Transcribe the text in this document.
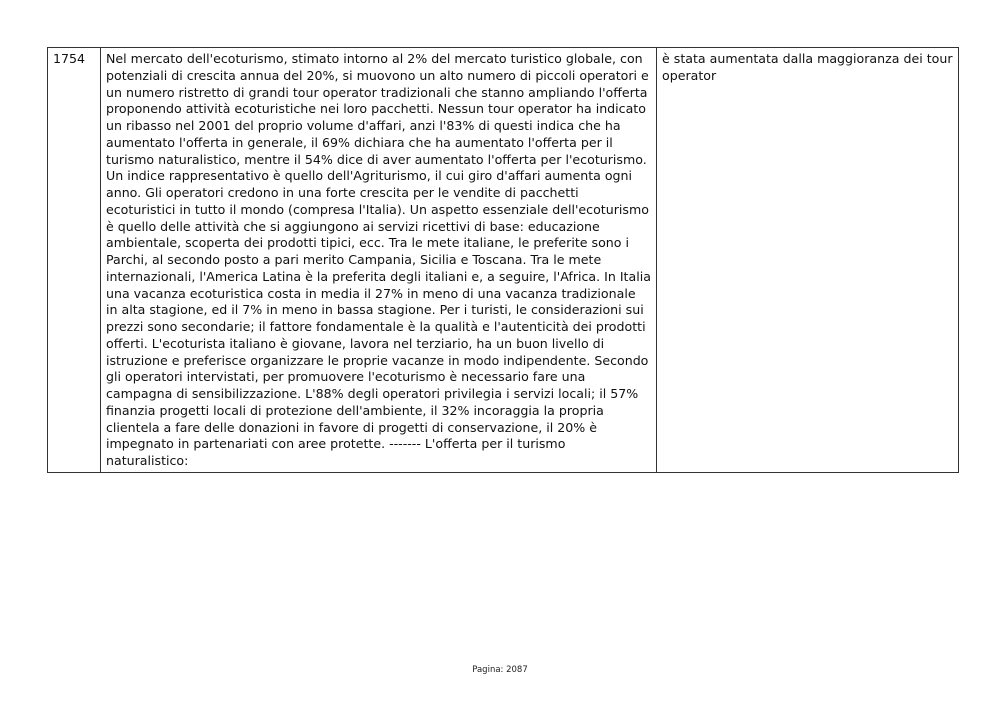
1754	Nel mercato dell'ecoturismo, stimato intorno al 2% del mercato turistico globale, con potenziali di crescita annua del 20%, si muovono un alto numero di piccoli operatori e un numero ristretto di grandi tour operator tradizionali che stanno ampliando l'offerta proponendo attività ecoturistiche nei loro pacchetti. Nessun tour operator ha indicato un ribasso nel 2001 del proprio volume d'affari, anzi l'83% di questi indica che ha aumentato l'offerta in generale, il 69% dichiara che ha aumentato l'offerta per il turismo naturalistico, mentre il 54% dice di aver aumentato l'offerta per l'ecoturismo. Un indice rappresentativo è quello dell'Agriturismo, il cui giro d'affari aumenta ogni anno. Gli operatori credono in una forte crescita per le vendite di pacchetti ecoturistici in tutto il mondo (compresa l'Italia). Un aspetto essenziale dell'ecoturismo è quello delle attività che si aggiungono ai servizi ricettivi di base: educazione ambientale, scoperta dei prodotti tipici, ecc. Tra le mete italiane, le preferite sono i Parchi, al secondo posto a pari merito Campania, Sicilia e Toscana. Tra le mete internazionali, l'America Latina è la preferita degli italiani e, a seguire, l'Africa. In Italia una vacanza ecoturistica costa in media il 27% in meno di una vacanza tradizionale in alta stagione, ed il 7% in meno in bassa stagione. Per i turisti, le considerazioni sui prezzi sono secondarie; il fattore fondamentale è la qualità e l'autenticità dei prodotti offerti. L'ecoturista italiano è giovane, lavora nel terziario, ha un buon livello di istruzione e preferisce organizzare le proprie vacanze in modo indipendente. Secondo gli operatori intervistati, per promuovere l'ecoturismo è necessario fare una campagna di sensibilizzazione. L'88% degli operatori privilegia i servizi locali; il 57% finanzia progetti locali di protezione dell'ambiente, il 32% incoraggia la propria clientela a fare delle donazioni in favore di progetti di conservazione, il 20% è impegnato in partenariati con aree protette. ------- L'offerta per il turismo naturalistico:	è stata aumentata dalla maggioranza dei tour operator
Pagina: 2087
